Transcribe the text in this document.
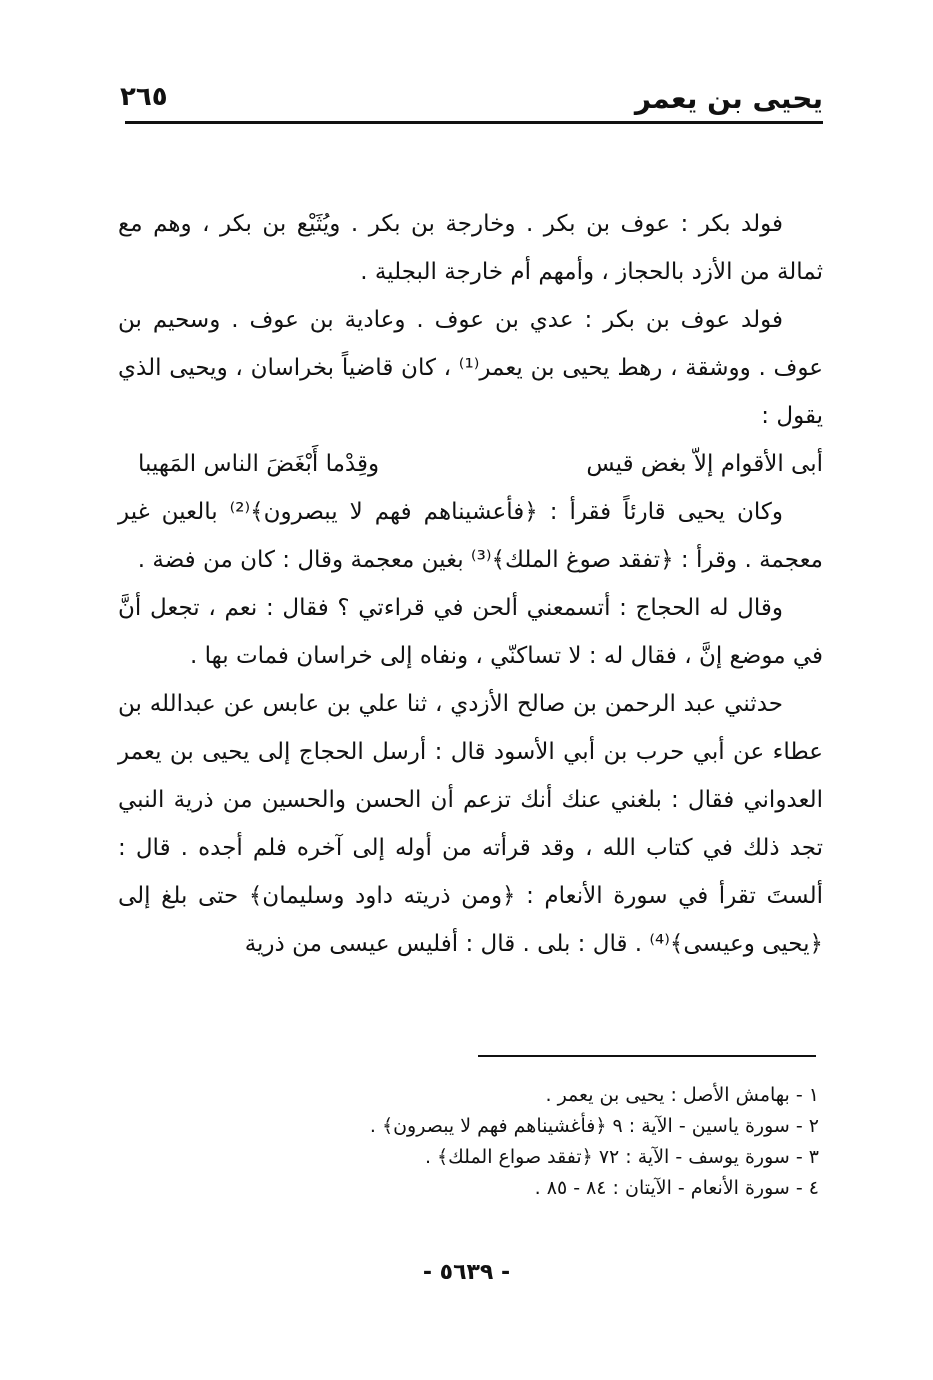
يحيى بن يعمر
٢٦٥

فولد بكر : عوف بن بكر . وخارجة بن بكر . ويُثَيْع بن بكر ، وهم مع ثمالة من الأزد بالحجاز ، وأمهم أم خارجة البجلية .

فولد عوف بن بكر : عدي بن عوف . وعادية بن عوف . وسحيم بن عوف . ووشقة ، رهط يحيى بن يعمر⁽¹⁾ ، كان قاضياً بخراسان ، ويحيى الذي يقول :

أبى الأقوام إلاّ بغض قيس
وقِدْما أَبْغَضَ الناس المَهيبا

وكان يحيى قارئاً فقرأ : ﴿فأعشيناهم فهم لا يبصرون﴾⁽²⁾ بالعين غير معجمة . وقرأ : ﴿تفقد صوغ الملك﴾⁽³⁾ بغين معجمة وقال : كان من فضة .

وقال له الحجاج : أتسمعني ألحن في قراءتي ؟ فقال : نعم ، تجعل أنَّ في موضع إنَّ ، فقال له : لا تساكنّي ، ونفاه إلى خراسان فمات بها .

حدثني عبد الرحمن بن صالح الأزدي ، ثنا علي بن عابس عن عبدالله بن عطاء عن أبي حرب بن أبي الأسود قال : أرسل الحجاج إلى يحيى بن يعمر العدواني فقال : بلغني عنك أنك تزعم أن الحسن والحسين من ذرية النبي تجد ذلك في كتاب الله ، وقد قرأته من أوله إلى آخره فلم أجده . قال : ألستَ تقرأ في سورة الأنعام : ﴿ومن ذريته داود وسليمان﴾ حتى بلغ إلى ﴿يحيى وعيسى﴾⁽⁴⁾ . قال : بلى . قال : أفليس عيسى من ذرية

١ - بهامش الأصل : يحيى بن يعمر .
٢ - سورة ياسين - الآية : ٩ ﴿فأغشيناهم فهم لا يبصرون﴾ .
٣ - سورة يوسف - الآية : ٧٢ ﴿تفقد صواع الملك﴾ .
٤ - سورة الأنعام - الآيتان : ٨٤ - ٨٥ .
- ٥٦٣٩ -
